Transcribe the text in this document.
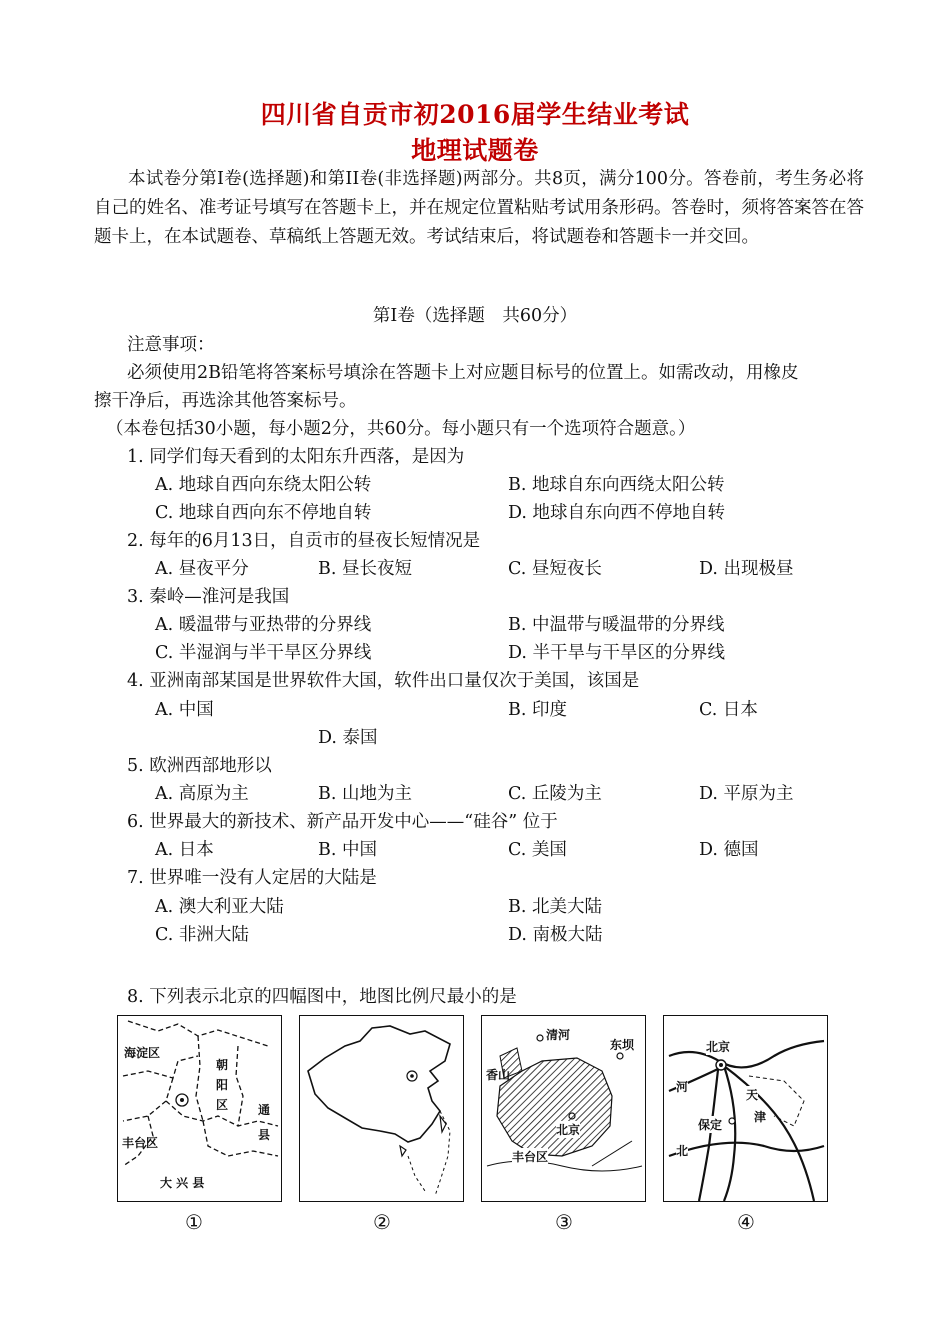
四川省自贡市初2016届学生结业考试
地理试题卷
本试卷分第Ⅰ卷(选择题)和第II卷(非选择题)两部分。共8页，满分100分。答卷前，考生务必将自己的姓名、准考证号填写在答题卡上，并在规定位置粘贴考试用条形码。答卷时，须将答案答在答题卡上，在本试题卷、草稿纸上答题无效。考试结束后，将试题卷和答题卡一并交回。
第Ⅰ卷（选择题　共60分）
注意事项：
必须使用2B铅笔将答案标号填涂在答题卡上对应题目标号的位置上。如需改动，用橡皮
擦干净后，再选涂其他答案标号。
（本卷包括30小题，每小题2分，共60分。每小题只有一个选项符合题意。）
1. 同学们每天看到的太阳东升西落，是因为
A. 地球自西向东绕太阳公转	B. 地球自东向西绕太阳公转
C. 地球自西向东不停地自转	D. 地球自东向西不停地自转
2. 每年的6月13日，自贡市的昼夜长短情况是
A. 昼夜平分	B. 昼长夜短	C. 昼短夜长	D. 出现极昼
3. 秦岭—淮河是我国
A. 暖温带与亚热带的分界线	B. 中温带与暖温带的分界线
C. 半湿润与半干旱区分界线	D. 半干旱与干旱区的分界线
4. 亚洲南部某国是世界软件大国，软件出口量仅次于美国，该国是
A. 中国	B. 印度	C. 日本
D. 泰国
5. 欧洲西部地形以
A. 高原为主	B. 山地为主	C. 丘陵为主	D. 平原为主
6. 世界最大的新技术、新产品开发中心——“硅谷” 位于
A. 日本	B. 中国	C. 美国	D. 德国
7. 世界唯一没有人定居的大陆是
A. 澳大利亚大陆	B. 北美大陆
C. 非洲大陆	D. 南极大陆
8. 下列表示北京的四幅图中，地图比例尺最小的是
海淀区
朝
阳
区 通
县
丰台区
大 兴 县
清河
东坝
香山
北京
丰台区
北京
河
天
津
保定
北
①	②	③	④
